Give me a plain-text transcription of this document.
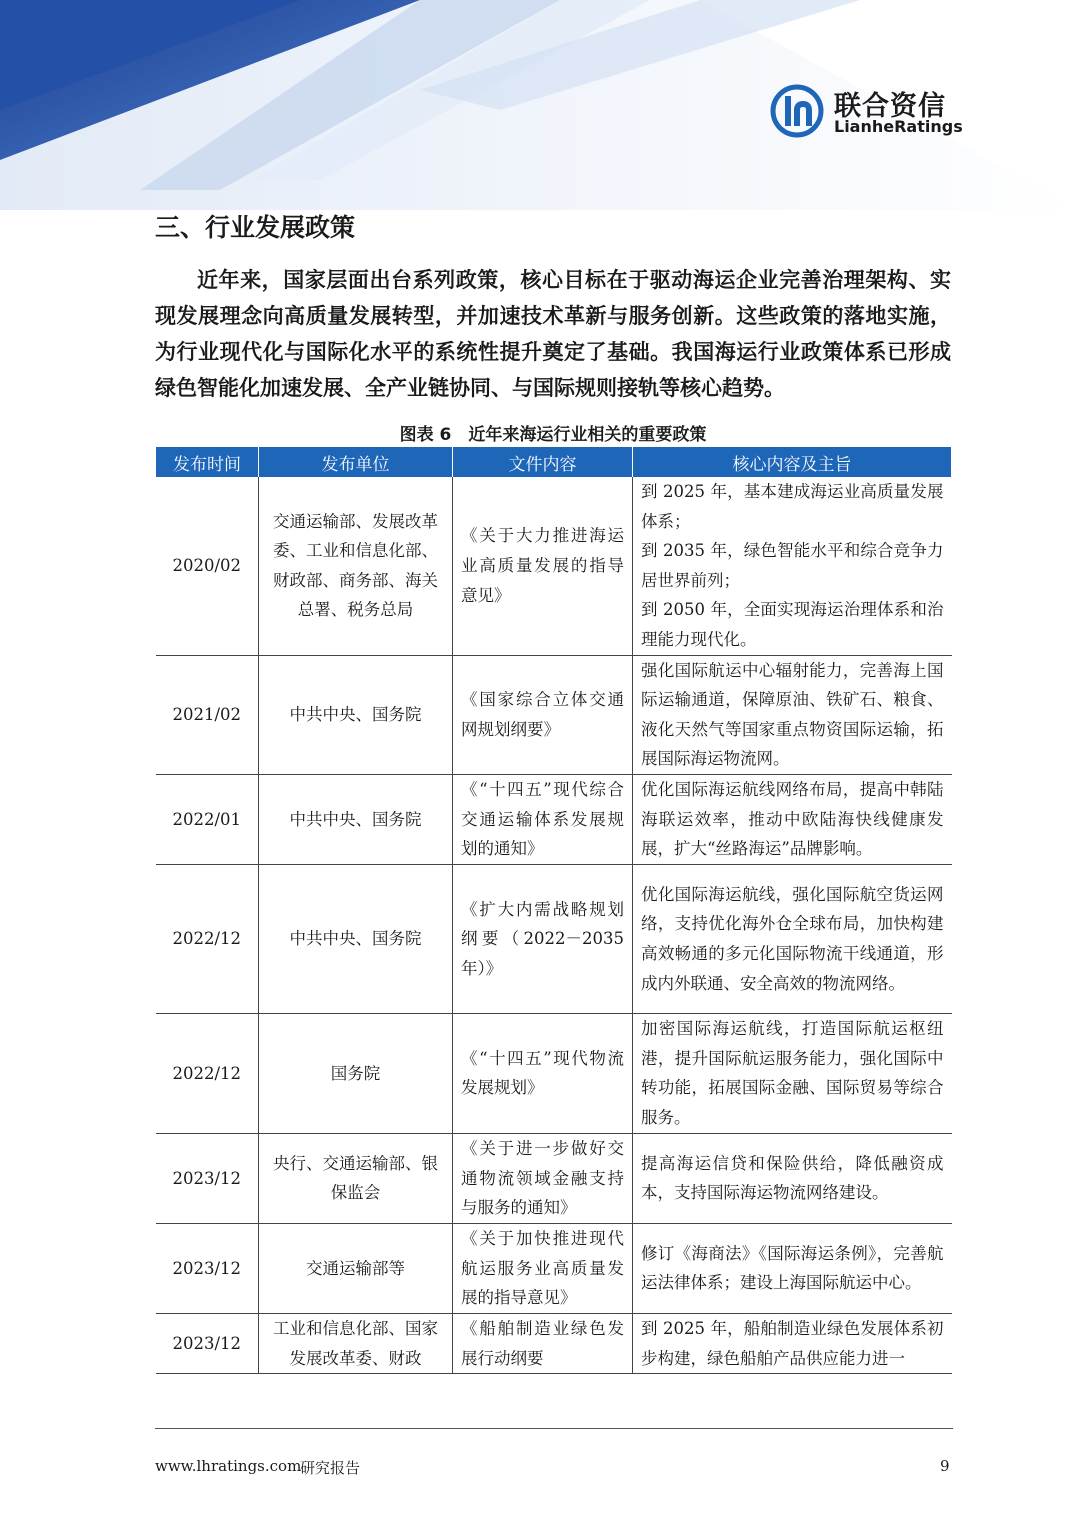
联合资信
LianheRatings
三、行业发展政策

近年来，国家层面出台系列政策，核心目标在于驱动海运企业完善治理架构、实现发展理念向高质量发展转型，并加速技术革新与服务创新。这些政策的落地实施，为行业现代化与国际化水平的系统性提升奠定了基础。我国海运行业政策体系已形成绿色智能化加速发展、全产业链协同、与国际规则接轨等核心趋势。

图表 6　近年来海运行业相关的重要政策
发布时间	发布单位	文件内容	核心内容及主旨
2020/02	交通运输部、发展改革委、工业和信息化部、财政部、商务部、海关总署、税务总局	《关于大力推进海运业高质量发展的指导意见》	到 2025 年，基本建成海运业高质量发展体系；
到 2035 年，绿色智能水平和综合竞争力居世界前列；
到 2050 年，全面实现海运治理体系和治理能力现代化。

2021/02	中共中央、国务院	《国家综合立体交通网规划纲要》	强化国际航运中心辐射能力，完善海上国际运输通道，保障原油、铁矿石、粮食、液化天然气等国家重点物资国际运输，拓展国际海运物流网。
2022/01	中共中央、国务院	《“十四五”现代综合交通运输体系发展规划的通知》	优化国际海运航线网络布局，提高中韩陆海联运效率，推动中欧陆海快线健康发展，扩大“丝路海运”品牌影响。
2022/12	中共中央、国务院	《扩大内需战略规划纲要（2022－2035年）》	优化国际海运航线，强化国际航空货运网络，支持优化海外仓全球布局，加快构建高效畅通的多元化国际物流干线通道，形成内外联通、安全高效的物流网络。
2022/12	国务院	《“十四五”现代物流发展规划》	加密国际海运航线，打造国际航运枢纽港，提升国际航运服务能力，强化国际中转功能，拓展国际金融、国际贸易等综合服务。
2023/12	央行、交通运输部、银保监会	《关于进一步做好交通物流领域金融支持与服务的通知》	提高海运信贷和保险供给，降低融资成本，支持国际海运物流网络建设。
2023/12	交通运输部等	《关于加快推进现代航运服务业高质量发展的指导意见》	修订《海商法》《国际海运条例》，完善航运法律体系；建设上海国际航运中心。
2023/12	工业和信息化部、国家发展改革委、财政	《船舶制造业绿色发展行动纲要	到 2025 年，船舶制造业绿色发展体系初步构建，绿色船舶产品供应能力进一
www.lhratings.com
研究报告	9
